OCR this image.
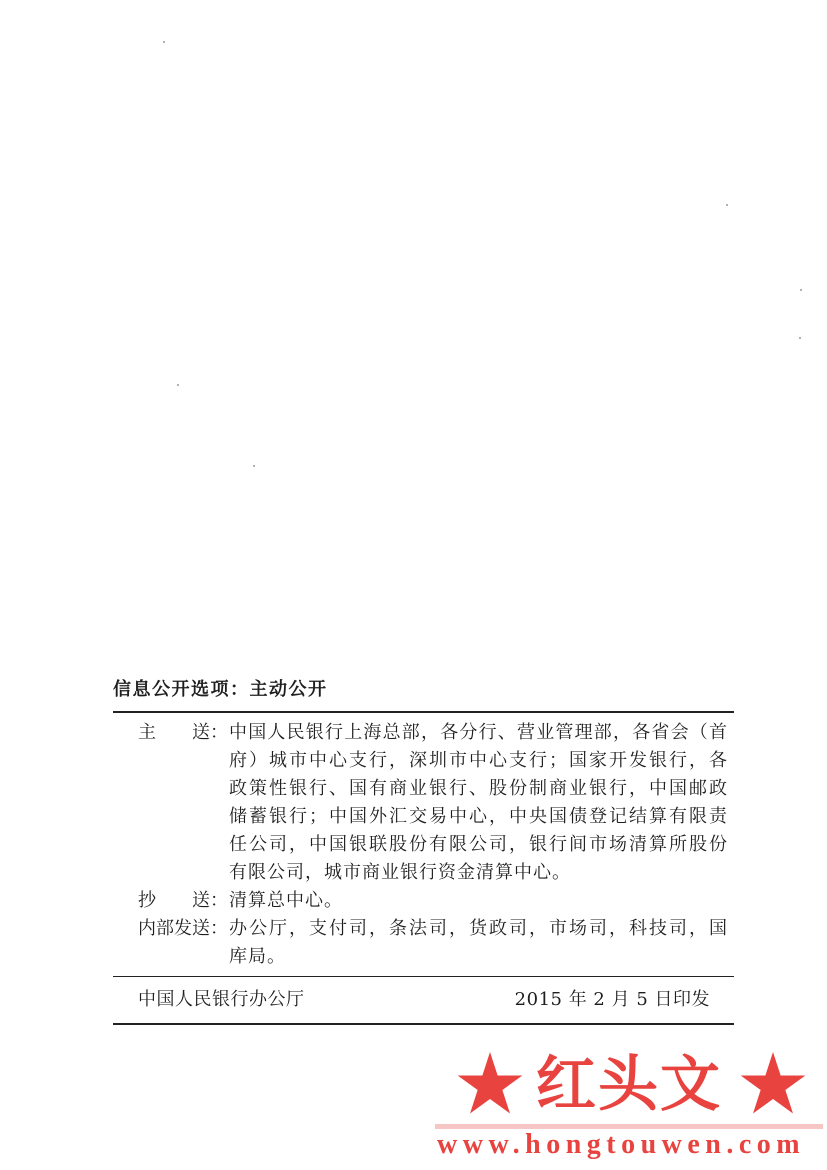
信息公开选项：主动公开
主　　送： 中国人民银行上海总部，各分行、营业管理部，各省会（首
府）城市中心支行，深圳市中心支行；国家开发银行，各
政策性银行、国有商业银行、股份制商业银行，中国邮政
储蓄银行；中国外汇交易中心，中央国债登记结算有限责
任公司，中国银联股份有限公司，银行间市场清算所股份
有限公司，城市商业银行资金清算中心。
抄　　送： 清算总中心。
内部发送： 办公厅，支付司，条法司，货政司，市场司，科技司，国
库局。
中国人民银行办公厅	2015 年 2 月 5 日印发
红头文
www.hongtouwen.com
